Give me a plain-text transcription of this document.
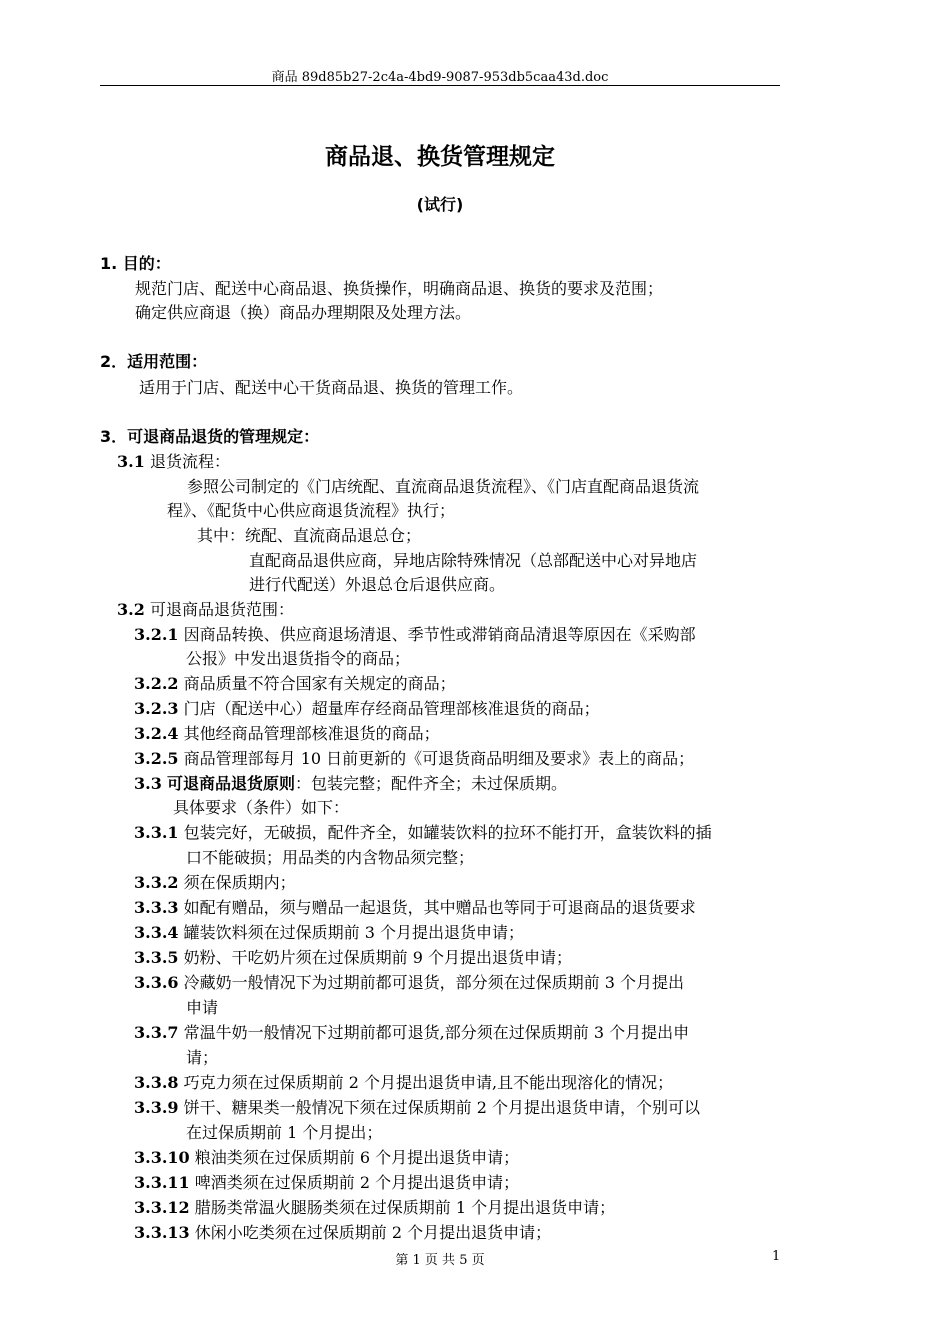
商品 89d85b27-2c4a-4bd9-9087-953db5caa43d.doc
商品退、换货管理规定
(试行)
1. 目的：
规范门店、配送中心商品退、换货操作，明确商品退、换货的要求及范围；
确定供应商退（换）商品办理期限及处理方法。
2．适用范围：
适用于门店、配送中心干货商品退、换货的管理工作。
3．可退商品退货的管理规定：
3.1 退货流程：
参照公司制定的《门店统配、直流商品退货流程》、《门店直配商品退货流
程》、《配货中心供应商退货流程》执行；
其中：统配、直流商品退总仓；
直配商品退供应商，异地店除特殊情况（总部配送中心对异地店
进行代配送）外退总仓后退供应商。
3.2 可退商品退货范围：
3.2.1 因商品转换、供应商退场清退、季节性或滞销商品清退等原因在《采购部
公报》中发出退货指令的商品；
3.2.2 商品质量不符合国家有关规定的商品；
3.2.3 门店（配送中心）超量库存经商品管理部核准退货的商品；
3.2.4 其他经商品管理部核准退货的商品；
3.2.5 商品管理部每月 10 日前更新的《可退货商品明细及要求》表上的商品；
3.3 可退商品退货原则：包装完整；配件齐全；未过保质期。
具体要求（条件）如下：
3.3.1 包装完好，无破损，配件齐全，如罐装饮料的拉环不能打开，盒装饮料的插
口不能破损；用品类的内含物品须完整；
3.3.2 须在保质期内；
3.3.3 如配有赠品，须与赠品一起退货，其中赠品也等同于可退商品的退货要求
3.3.4 罐装饮料须在过保质期前 3 个月提出退货申请；
3.3.5 奶粉、干吃奶片须在过保质期前 9 个月提出退货申请；
3.3.6 冷藏奶一般情况下为过期前都可退货，部分须在过保质期前 3 个月提出
申请
3.3.7 常温牛奶一般情况下过期前都可退货,部分须在过保质期前 3 个月提出申
请；
3.3.8 巧克力须在过保质期前 2 个月提出退货申请,且不能出现溶化的情况；
3.3.9 饼干、糖果类一般情况下须在过保质期前 2 个月提出退货申请，个别可以
在过保质期前 1 个月提出；
3.3.10 粮油类须在过保质期前 6 个月提出退货申请；
3.3.11 啤酒类须在过保质期前 2 个月提出退货申请；
3.3.12 腊肠类常温火腿肠类须在过保质期前 1 个月提出退货申请；
3.3.13 休闲小吃类须在过保质期前 2 个月提出退货申请；
第 1 页 共 5 页	1
